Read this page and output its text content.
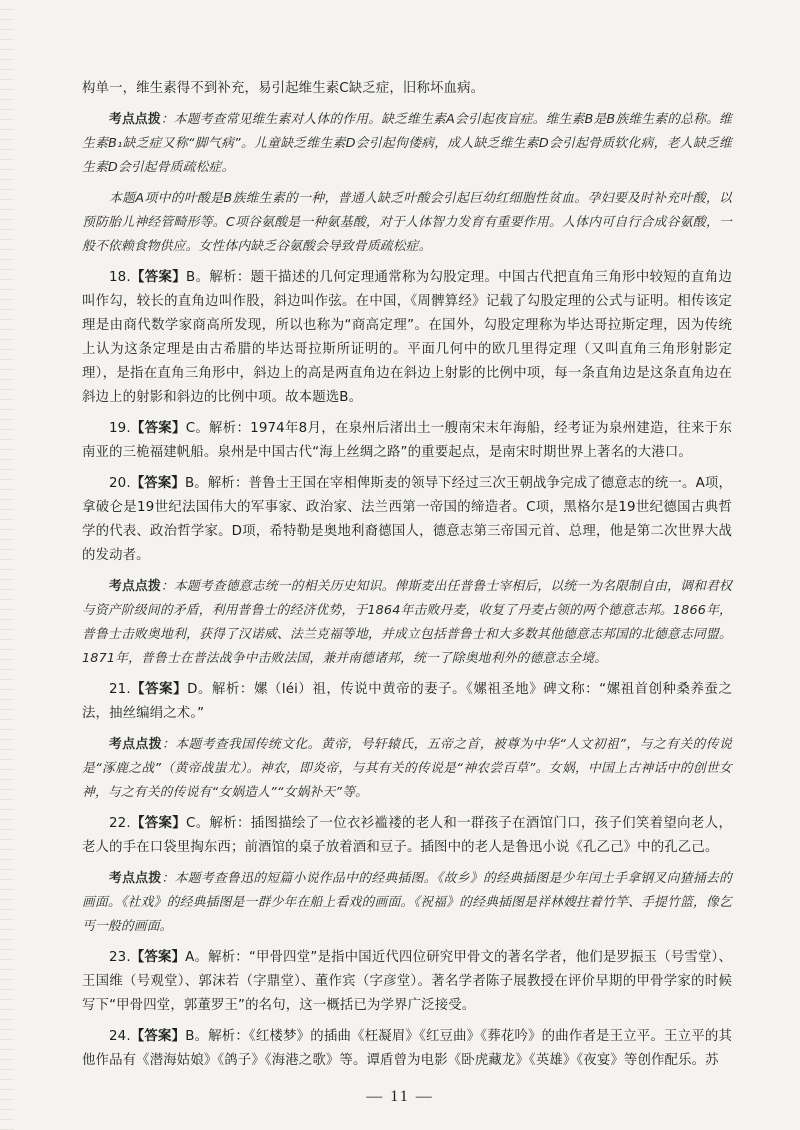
构单一，维生素得不到补充，易引起维生素C缺乏症，旧称坏血病。

考点点拨：本题考查常见维生素对人体的作用。缺乏维生素A会引起夜盲症。维生素B是B族维生素的总称。维生素B₁缺乏症又称“脚气病”。儿童缺乏维生素D会引起佝偻病，成人缺乏维生素D会引起骨质软化病，老人缺乏维生素D会引起骨质疏松症。

本题A项中的叶酸是B族维生素的一种，普通人缺乏叶酸会引起巨幼红细胞性贫血。孕妇要及时补充叶酸，以预防胎儿神经管畸形等。C项谷氨酸是一种氨基酸，对于人体智力发育有重要作用。人体内可自行合成谷氨酸，一般不依赖食物供应。女性体内缺乏谷氨酸会导致骨质疏松症。

18.【答案】B。解析：题干描述的几何定理通常称为勾股定理。中国古代把直角三角形中较短的直角边叫作勾，较长的直角边叫作股，斜边叫作弦。在中国，《周髀算经》记载了勾股定理的公式与证明。相传该定理是由商代数学家商高所发现，所以也称为“商高定理”。在国外，勾股定理称为毕达哥拉斯定理，因为传统上认为这条定理是由古希腊的毕达哥拉斯所证明的。平面几何中的欧几里得定理（又叫直角三角形射影定理），是指在直角三角形中，斜边上的高是两直角边在斜边上射影的比例中项，每一条直角边是这条直角边在斜边上的射影和斜边的比例中项。故本题选B。

19.【答案】C。解析：1974年8月，在泉州后渚出土一艘南宋末年海船，经考证为泉州建造，往来于东南亚的三桅福建帆船。泉州是中国古代“海上丝绸之路”的重要起点，是南宋时期世界上著名的大港口。

20.【答案】B。解析：普鲁士王国在宰相俾斯麦的领导下经过三次王朝战争完成了德意志的统一。A项，拿破仑是19世纪法国伟大的军事家、政治家、法兰西第一帝国的缔造者。C项，黑格尔是19世纪德国古典哲学的代表、政治哲学家。D项，希特勒是奥地利裔德国人，德意志第三帝国元首、总理，他是第二次世界大战的发动者。

考点点拨：本题考查德意志统一的相关历史知识。俾斯麦出任普鲁士宰相后，以统一为名限制自由，调和君权与资产阶级间的矛盾，利用普鲁士的经济优势，于1864年击败丹麦，收复了丹麦占领的两个德意志邦。1866年，普鲁士击败奥地利，获得了汉诺威、法兰克福等地，并成立包括普鲁士和大多数其他德意志邦国的北德意志同盟。1871年，普鲁士在普法战争中击败法国，兼并南德诸邦，统一了除奥地利外的德意志全境。

21.【答案】D。解析：嫘（léi）祖，传说中黄帝的妻子。《嫘祖圣地》碑文称：“嫘祖首创种桑养蚕之法，抽丝编绢之术。”

考点点拨：本题考查我国传统文化。黄帝，号轩辕氏，五帝之首，被尊为中华“人文初祖”，与之有关的传说是“涿鹿之战”（黄帝战蚩尤）。神农，即炎帝，与其有关的传说是“神农尝百草”。女娲，中国上古神话中的创世女神，与之有关的传说有“女娲造人”“女娲补天”等。

22.【答案】C。解析：插图描绘了一位衣衫褴褛的老人和一群孩子在酒馆门口，孩子们笑着望向老人，老人的手在口袋里掏东西；前酒馆的桌子放着酒和豆子。插图中的老人是鲁迅小说《孔乙己》中的孔乙己。

考点点拨：本题考查鲁迅的短篇小说作品中的经典插图。《故乡》的经典插图是少年闰土手拿钢叉向猹捅去的画面。《社戏》的经典插图是一群少年在船上看戏的画面。《祝福》的经典插图是祥林嫂拄着竹竿、手提竹篮，像乞丐一般的画面。

23.【答案】A。解析：“甲骨四堂”是指中国近代四位研究甲骨文的著名学者，他们是罗振玉（号雪堂）、王国维（号观堂）、郭沫若（字鼎堂）、董作宾（字彦堂）。著名学者陈子展教授在评价早期的甲骨学家的时候写下“甲骨四堂，郭董罗王”的名句，这一概括已为学界广泛接受。

24.【答案】B。解析：《红楼梦》的插曲《枉凝眉》《红豆曲》《葬花吟》的曲作者是王立平。王立平的其他作品有《潜海姑娘》《鸽子》《海港之歌》等。谭盾曾为电影《卧虎藏龙》《英雄》《夜宴》等创作配乐。苏

— 11 —
